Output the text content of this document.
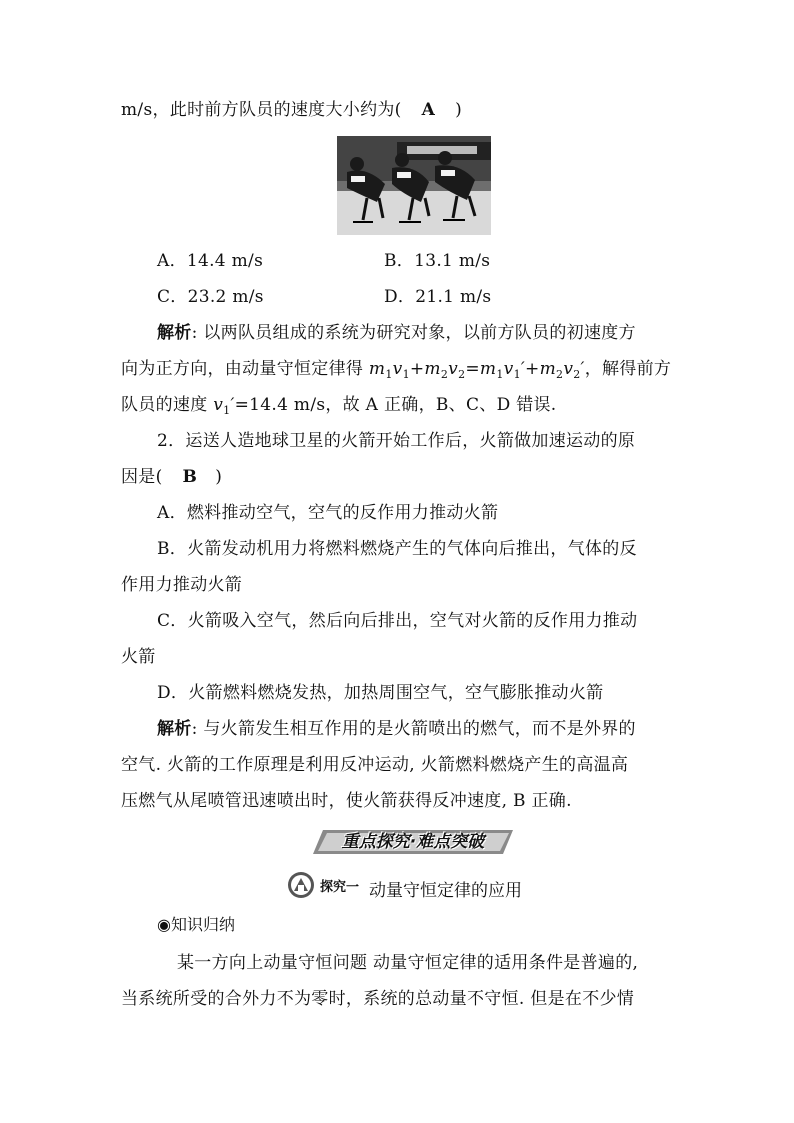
m/s，此时前方队员的速度大小约为( A )
A．14.4 m/s	B．13.1 m/s
C．23.2 m/s	D．21.1 m/s
解析: 以两队员组成的系统为研究对象，以前方队员的初速度方
向为正方向，由动量守恒定律得 $m_1v_1+m_2v_2=m_1v_1'+m_2v_2'$，解得前方
队员的速度 $v_1'=14.4$ m/s，故 A 正确，B、C、D 错误.
2．运送人造地球卫星的火箭开始工作后，火箭做加速运动的原
因是( B )
A．燃料推动空气，空气的反作用力推动火箭
B．火箭发动机用力将燃料燃烧产生的气体向后推出，气体的反
作用力推动火箭
C．火箭吸入空气，然后向后排出，空气对火箭的反作用力推动
火箭
D．火箭燃料燃烧发热，加热周围空气，空气膨胀推动火箭
解析: 与火箭发生相互作用的是火箭喷出的燃气，而不是外界的
空气. 火箭的工作原理是利用反冲运动, 火箭燃料燃烧产生的高温高
压燃气从尾喷管迅速喷出时，使火箭获得反冲速度, B 正确.
重点探究·难点突破
探究一 动量守恒定律的应用
◉知识归纳
某一方向上动量守恒问题 动量守恒定律的适用条件是普遍的,
当系统所受的合外力不为零时，系统的总动量不守恒. 但是在不少情
